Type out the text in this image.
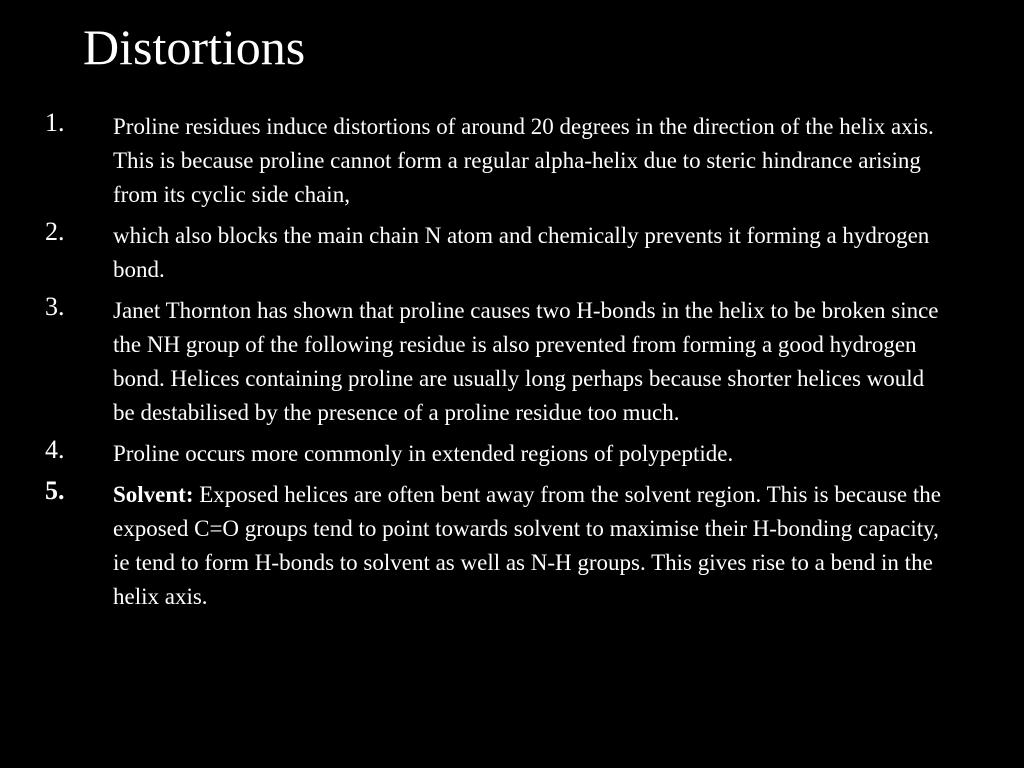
Distortions
1. Proline residues induce distortions of around 20 degrees in the direction of the helix axis. This is because proline cannot form a regular alpha-helix due to steric hindrance arising from its cyclic side chain,
2. which also blocks the main chain N atom and chemically prevents it forming a hydrogen bond.
3. Janet Thornton has shown that proline causes two H-bonds in the helix to be broken since the NH group of the following residue is also prevented from forming a good hydrogen bond. Helices containing proline are usually long perhaps because shorter helices would be destabilised by the presence of a proline residue too much.
4. Proline occurs more commonly in extended regions of polypeptide.
5. Solvent: Exposed helices are often bent away from the solvent region. This is because the exposed C=O groups tend to point towards solvent to maximise their H-bonding capacity, ie tend to form H-bonds to solvent as well as N-H groups. This gives rise to a bend in the helix axis.
